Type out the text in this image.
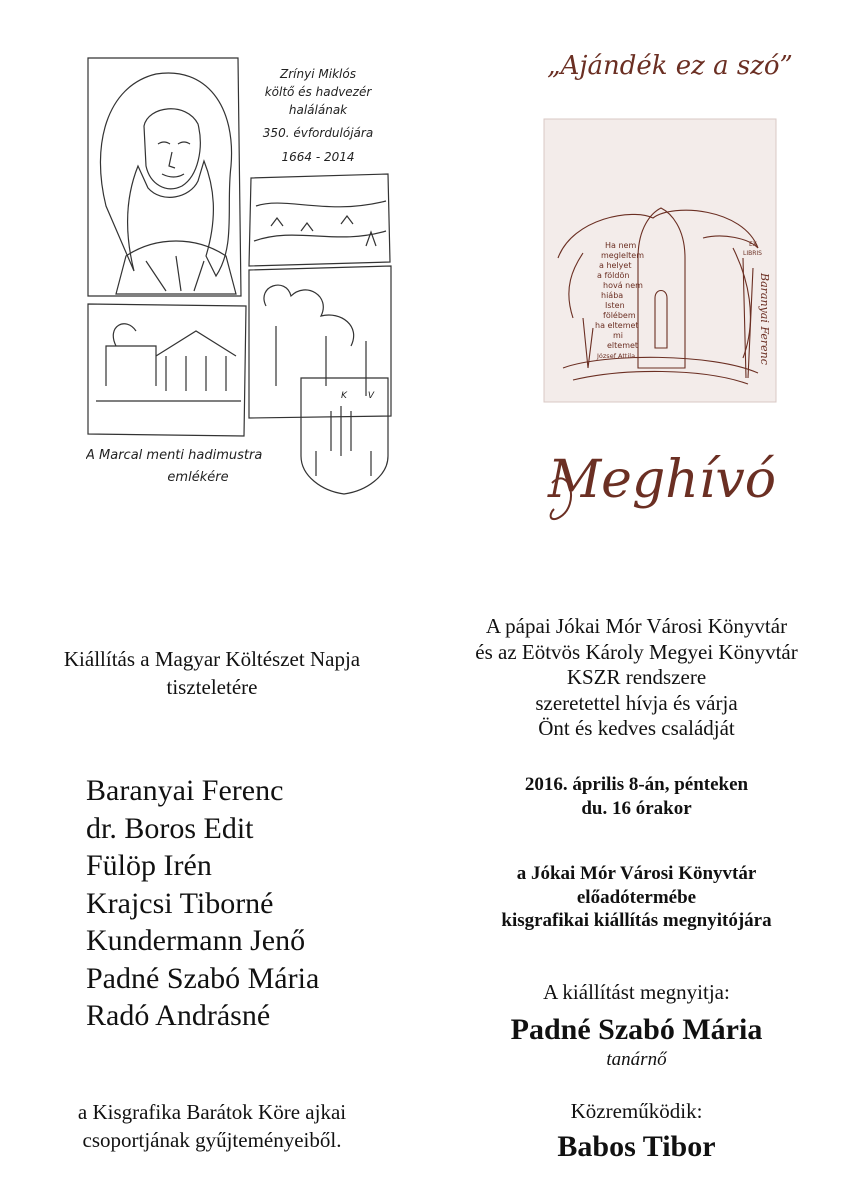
Zrínyi Miklós
költő és hadvezér
halálának
350. évfordulójára
1664 - 2014
K V
A Marcal menti hadimustra
emlékére
„Ajándék ez a szó”
Ha nem
megleltem
a helyet
a földön
hová nem
hiába
Isten
fölébem
ha eltemet
mi
eltemet
József Attila
EX
LIBRIS
Baranyai Ferenc
Meghívó
Kiállítás a Magyar Költészet Napja
tiszteletére
Baranyai Ferenc
dr. Boros Edit
Fülöp Irén
Krajcsi Tiborné
Kundermann Jenő
Padné Szabó Mária
Radó Andrásné
a Kisgrafika Barátok Köre ajkai
csoportjának gyűjteményeiből.
A pápai Jókai Mór Városi Könyvtár
és az Eötvös Károly Megyei Könyvtár
KSZR rendszere
szeretettel hívja és várja
Önt és kedves családját
2016. április 8-án, pénteken
du. 16 órakor
a Jókai Mór Városi Könyvtár
előadótermébe
kisgrafikai kiállítás megnyitójára
A kiállítást megnyitja:
Padné Szabó Mária
tanárnő
Közreműködik:
Babos Tibor
